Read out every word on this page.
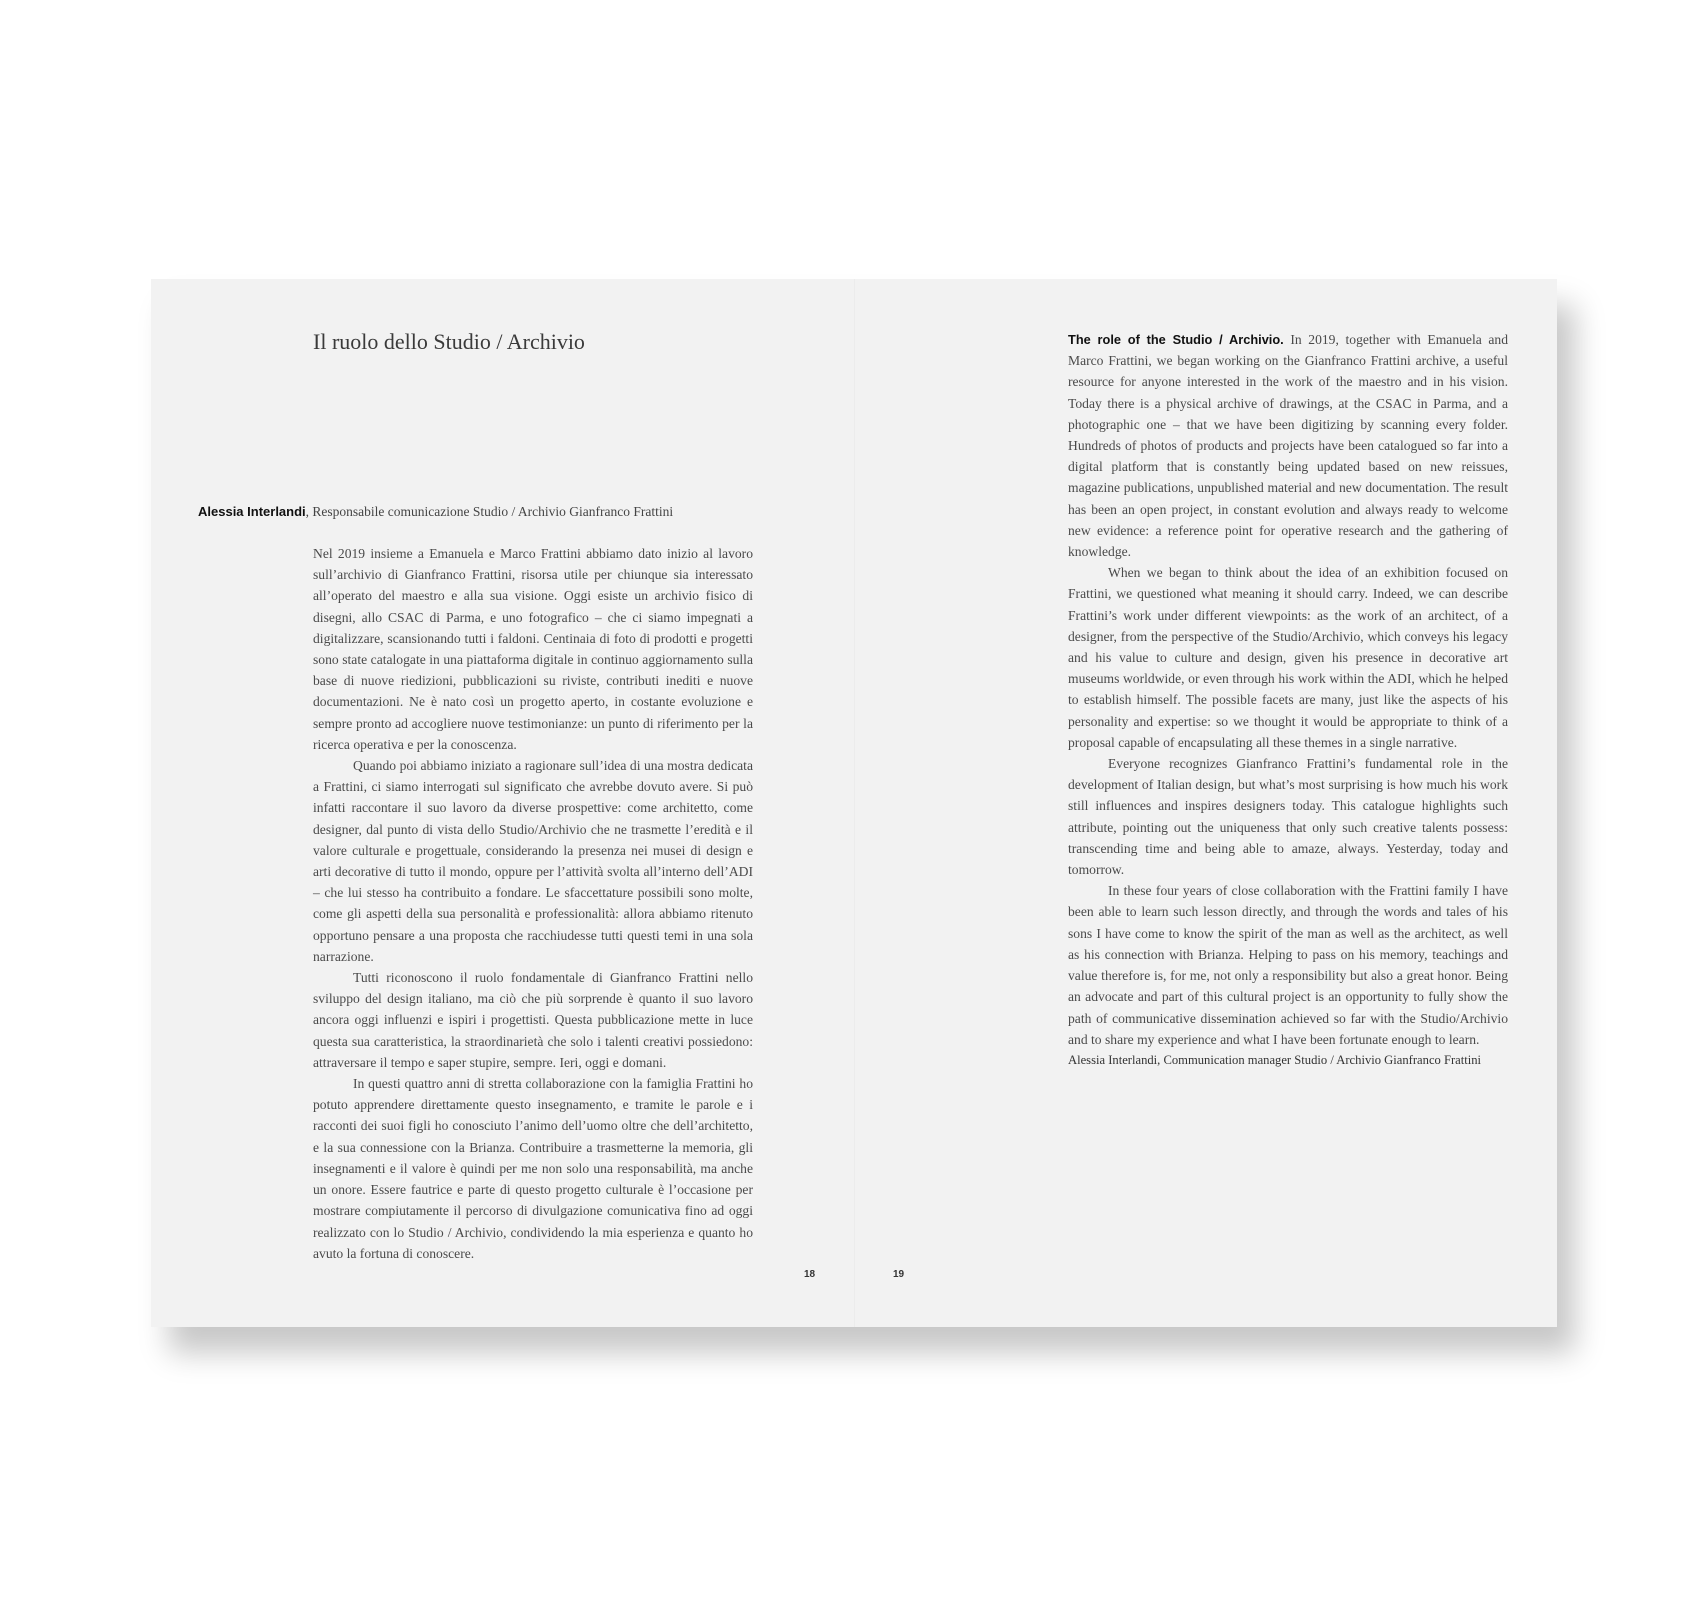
Il ruolo dello Studio / Archivio
Alessia Interlandi, Responsabile comunicazione Studio / Archivio Gianfranco Frattini

Nel 2019 insieme a Emanuela e Marco Frattini abbiamo dato inizio al lavoro sull’archivio di Gianfranco Frattini, risorsa utile per chiunque sia interessato all’operato del maestro e alla sua visione. Oggi esiste un archivio fisico di disegni, allo CSAC di Parma, e uno fotografico – che ci siamo impegnati a digitalizzare, scansionando tutti i faldoni. Centinaia di foto di prodotti e progetti sono state catalogate in una piattaforma digitale in continuo aggiornamento sulla base di nuove riedizioni, pubblicazioni su riviste, contributi inediti e nuove documentazioni. Ne è nato così un progetto aperto, in costante evoluzione e sempre pronto ad accogliere nuove testimonianze: un punto di riferimento per la ricerca operativa e per la conoscenza.

Quando poi abbiamo iniziato a ragionare sull’idea di una mostra dedicata a Frattini, ci siamo interrogati sul significato che avrebbe dovuto avere. Si può infatti raccontare il suo lavoro da diverse prospettive: come architetto, come designer, dal punto di vista dello Studio/Archivio che ne trasmette l’eredità e il valore culturale e progettuale, considerando la presenza nei musei di design e arti decorative di tutto il mondo, oppure per l’attività svolta all’interno dell’ADI – che lui stesso ha contribuito a fondare. Le sfaccettature possibili sono molte, come gli aspetti della sua personalità e professionalità: allora abbiamo ritenuto opportuno pensare a una proposta che racchiudesse tutti questi temi in una sola narrazione.

Tutti riconoscono il ruolo fondamentale di Gianfranco Frattini nello sviluppo del design italiano, ma ciò che più sorprende è quanto il suo lavoro ancora oggi influenzi e ispiri i progettisti. Questa pubblicazione mette in luce questa sua caratteristica, la straordinarietà che solo i talenti creativi possiedono: attraversare il tempo e saper stupire, sempre. Ieri, oggi e domani.

In questi quattro anni di stretta collaborazione con la famiglia Frattini ho potuto apprendere direttamente questo insegnamento, e tramite le parole e i racconti dei suoi figli ho conosciuto l’animo dell’uomo oltre che dell’architetto, e la sua connessione con la Brianza. Contribuire a trasmetterne la memoria, gli insegnamenti e il valore è quindi per me non solo una responsabilità, ma anche un onore. Essere fautrice e parte di questo progetto culturale è l’occasione per mostrare compiutamente il percorso di divulgazione comunicativa fino ad oggi realizzato con lo Studio / Archivio, condividendo la mia esperienza e quanto ho avuto la fortuna di conoscere.

The role of the Studio / Archivio. In 2019, together with Emanuela and Marco Frattini, we began working on the Gianfranco Frattini archive, a useful resource for anyone interested in the work of the maestro and in his vision. Today there is a physical archive of drawings, at the CSAC in Parma, and a photographic one – that we have been digitizing by scanning every folder. Hundreds of photos of products and projects have been catalogued so far into a digital platform that is constantly being updated based on new reissues, magazine publications, unpublished material and new documentation. The result has been an open project, in constant evolution and always ready to welcome new evidence: a reference point for operative research and the gathering of knowledge.

When we began to think about the idea of an exhibition focused on Frattini, we questioned what meaning it should carry. Indeed, we can describe Frattini’s work under different viewpoints: as the work of an architect, of a designer, from the perspective of the Studio/Archivio, which conveys his legacy and his value to culture and design, given his presence in decorative art museums worldwide, or even through his work within the ADI, which he helped to establish himself. The possible facets are many, just like the aspects of his personality and expertise: so we thought it would be appropriate to think of a proposal capable of encapsulating all these themes in a single narrative.

Everyone recognizes Gianfranco Frattini’s fundamental role in the development of Italian design, but what’s most surprising is how much his work still influences and inspires designers today. This catalogue highlights such attribute, pointing out the uniqueness that only such creative talents possess: transcending time and being able to amaze, always. Yesterday, today and tomorrow.

In these four years of close collaboration with the Frattini family I have been able to learn such lesson directly, and through the words and tales of his sons I have come to know the spirit of the man as well as the architect, as well as his connection with Brianza. Helping to pass on his memory, teachings and value therefore is, for me, not only a responsibility but also a great honor. Being an advocate and part of this cultural project is an opportunity to fully show the path of communicative dissemination achieved so far with the Studio/Archivio and to share my experience and what I have been fortunate enough to learn.

Alessia Interlandi, Communication manager Studio / Archivio Gianfranco Frattini

18	19
